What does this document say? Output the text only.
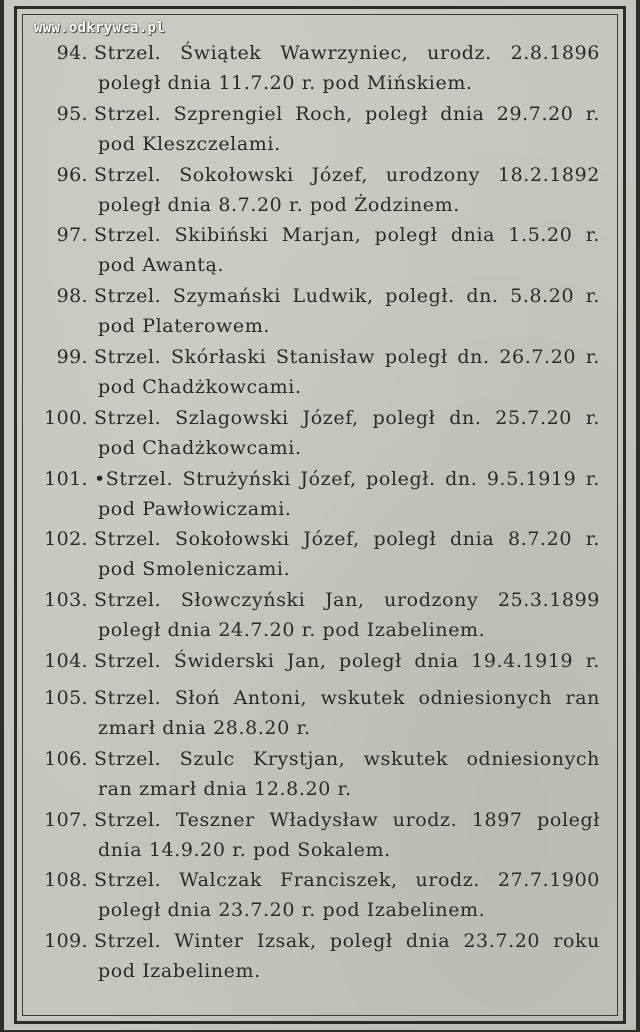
www.odkrywca.pl
94. Strzel. Świątek Wawrzyniec, urodz. 2.8.1896
poległ dnia 11.7.20 r. pod Mińskiem.
95. Strzel. Szprengiel Roch, poległ dnia 29.7.20 r.
pod Kleszczelami.
96. Strzel. Sokołowski Józef, urodzony 18.2.1892
poległ dnia 8.7.20 r. pod Żodzinem.
97. Strzel. Skibiński Marjan, poległ dnia 1.5.20 r.
pod Awantą.
98. Strzel. Szymański Ludwik, poległ. dn. 5.8.20 r.
pod Platerowem.
99. Strzel. Skórłaski Stanisław poległ dn. 26.7.20 r.
pod Chadżkowcami.
100. Strzel. Szlagowski Józef, poległ dn. 25.7.20 r.
pod Chadżkowcami.
101. •Strzel. Strużyński Józef, poległ. dn. 9.5.1919 r.
pod Pawłowiczami.
102. Strzel. Sokołowski Józef, poległ dnia 8.7.20 r.
pod Smoleniczami.
103. Strzel. Słowczyński Jan, urodzony 25.3.1899
poległ dnia 24.7.20 r. pod Izabelinem.
104. Strzel. Świderski Jan, poległ dnia 19.4.1919 r.
105. Strzel. Słoń Antoni, wskutek odniesionych ran
zmarł dnia 28.8.20 r.
106. Strzel. Szulc Krystjan, wskutek odniesionych
ran zmarł dnia 12.8.20 r.
107. Strzel. Teszner Władysław urodz. 1897 poległ
dnia 14.9.20 r. pod Sokalem.
108. Strzel. Walczak Franciszek, urodz. 27.7.1900
poległ dnia 23.7.20 r. pod Izabelinem.
109. Strzel. Winter Izsak, poległ dnia 23.7.20 roku
pod Izabelinem.
